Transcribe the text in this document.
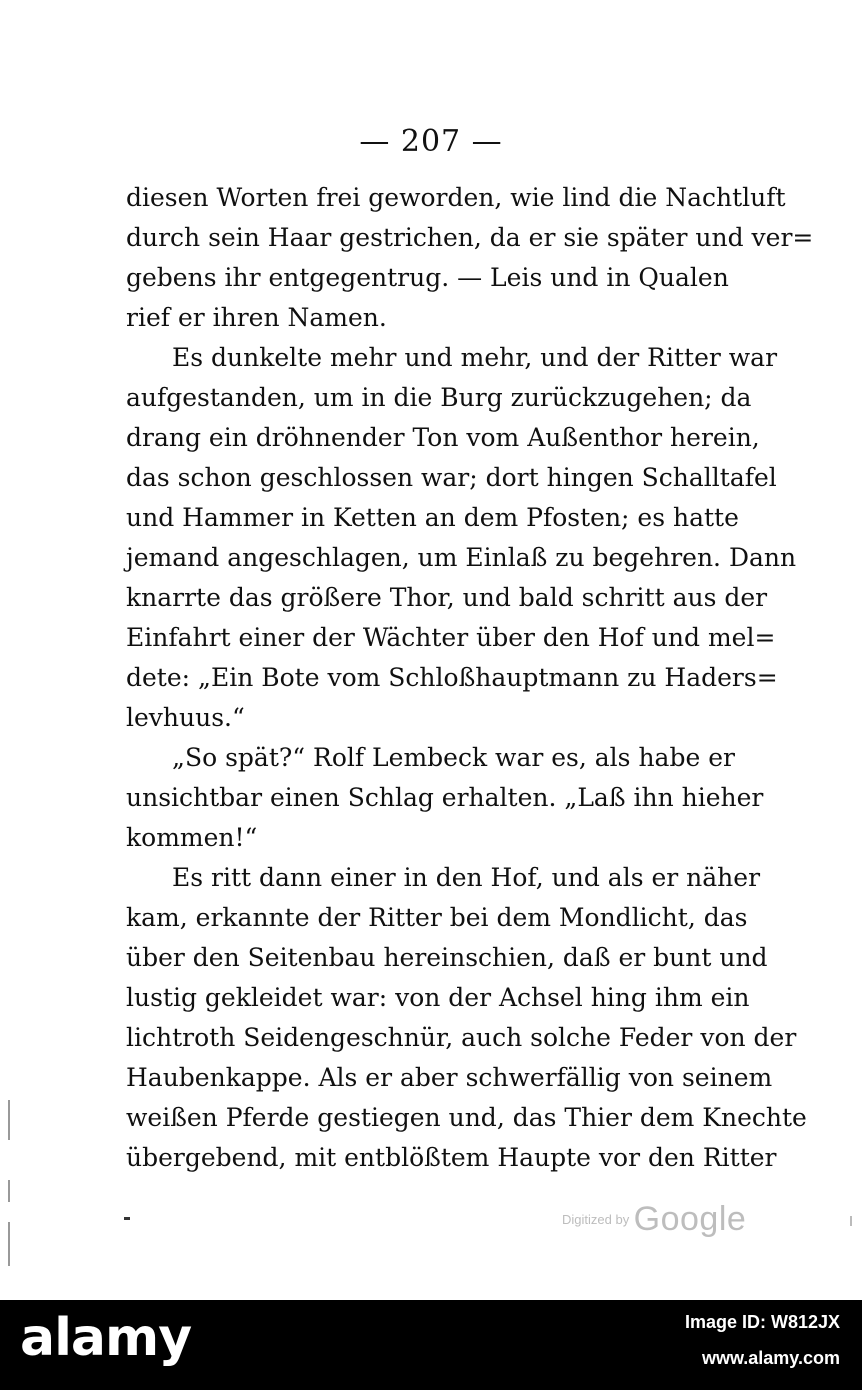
— 207 —
diesen Worten frei geworden, wie lind die Nachtluft
durch sein Haar gestrichen, da er sie später und ver=
gebens ihr entgegentrug. — Leis und in Qualen
rief er ihren Namen.
Es dunkelte mehr und mehr, und der Ritter war
aufgestanden, um in die Burg zurückzugehen; da
drang ein dröhnender Ton vom Außenthor herein,
das schon geschlossen war; dort hingen Schalltafel
und Hammer in Ketten an dem Pfosten; es hatte
jemand angeschlagen, um Einlaß zu begehren. Dann
knarrte das größere Thor, und bald schritt aus der
Einfahrt einer der Wächter über den Hof und mel=
dete: „Ein Bote vom Schloßhauptmann zu Haders=
levhuus.“
„So spät?“ Rolf Lembeck war es, als habe er
unsichtbar einen Schlag erhalten. „Laß ihn hieher
kommen!“
Es ritt dann einer in den Hof, und als er näher
kam, erkannte der Ritter bei dem Mondlicht, das
über den Seitenbau hereinschien, daß er bunt und
lustig gekleidet war: von der Achsel hing ihm ein
lichtroth Seidengeschnür, auch solche Feder von der
Haubenkappe. Als er aber schwerfällig von seinem
weißen Pferde gestiegen und, das Thier dem Knechte
übergebend, mit entblößtem Haupte vor den Ritter
Digitized by Google
alamy	Image ID: W812JX
www.alamy.com
